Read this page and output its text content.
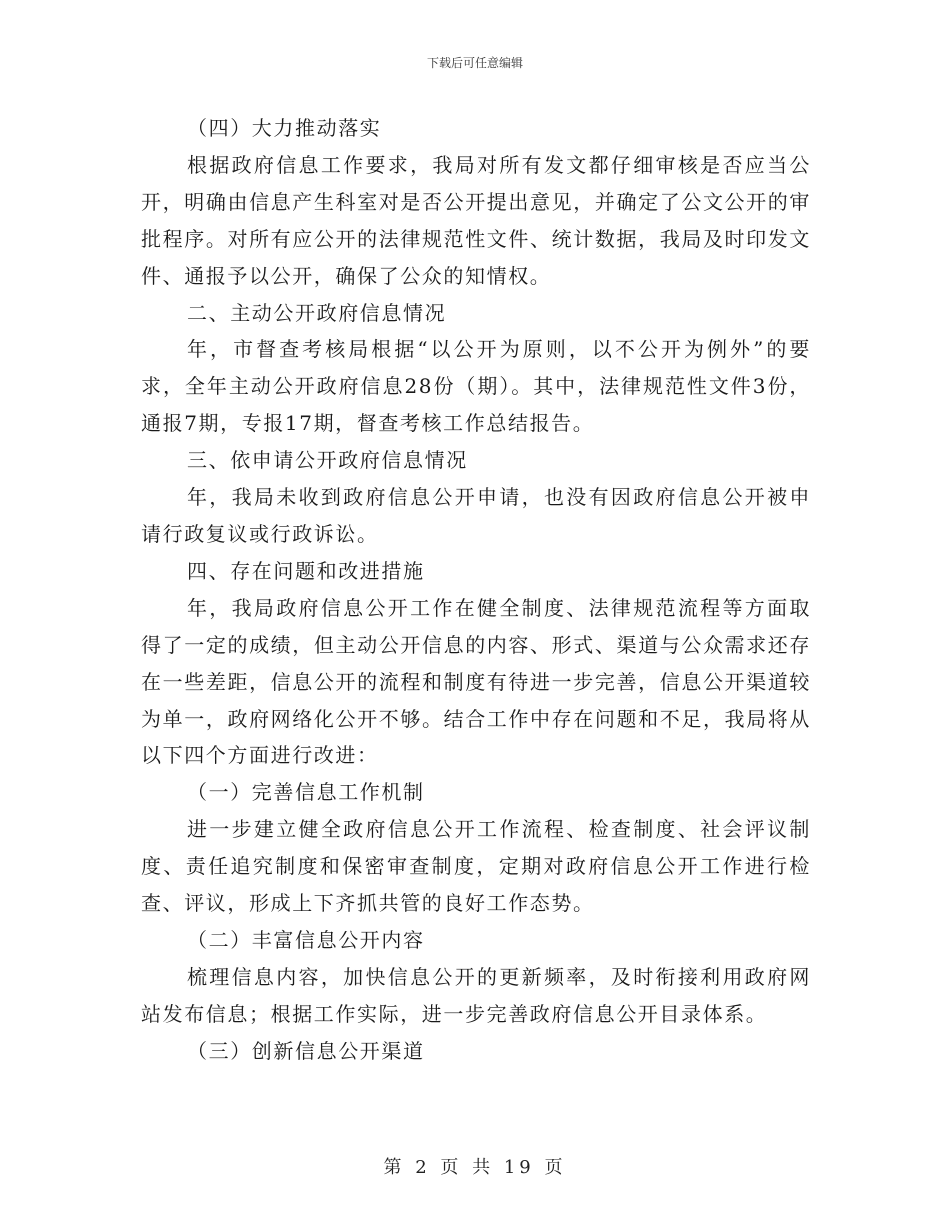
下载后可任意编辑

（四）大力推动落实

根据政府信息工作要求，我局对所有发文都仔细审核是否应当公开，明确由信息产生科室对是否公开提出意见，并确定了公文公开的审批程序。对所有应公开的法律规范性文件、统计数据，我局及时印发文件、通报予以公开，确保了公众的知情权。

二、主动公开政府信息情况

年，市督查考核局根据“以公开为原则，以不公开为例外”的要求，全年主动公开政府信息28份（期）。其中，法律规范性文件3份，通报7期，专报17期，督查考核工作总结报告。

三、依申请公开政府信息情况

年，我局未收到政府信息公开申请，也没有因政府信息公开被申请行政复议或行政诉讼。

四、存在问题和改进措施

年，我局政府信息公开工作在健全制度、法律规范流程等方面取得了一定的成绩，但主动公开信息的内容、形式、渠道与公众需求还存在一些差距，信息公开的流程和制度有待进一步完善，信息公开渠道较为单一，政府网络化公开不够。结合工作中存在问题和不足，我局将从以下四个方面进行改进：

（一）完善信息工作机制

进一步建立健全政府信息公开工作流程、检查制度、社会评议制度、责任追究制度和保密审查制度，定期对政府信息公开工作进行检查、评议，形成上下齐抓共管的良好工作态势。

（二）丰富信息公开内容

梳理信息内容，加快信息公开的更新频率，及时衔接利用政府网站发布信息；根据工作实际，进一步完善政府信息公开目录体系。

（三）创新信息公开渠道

第 2 页 共 19 页
